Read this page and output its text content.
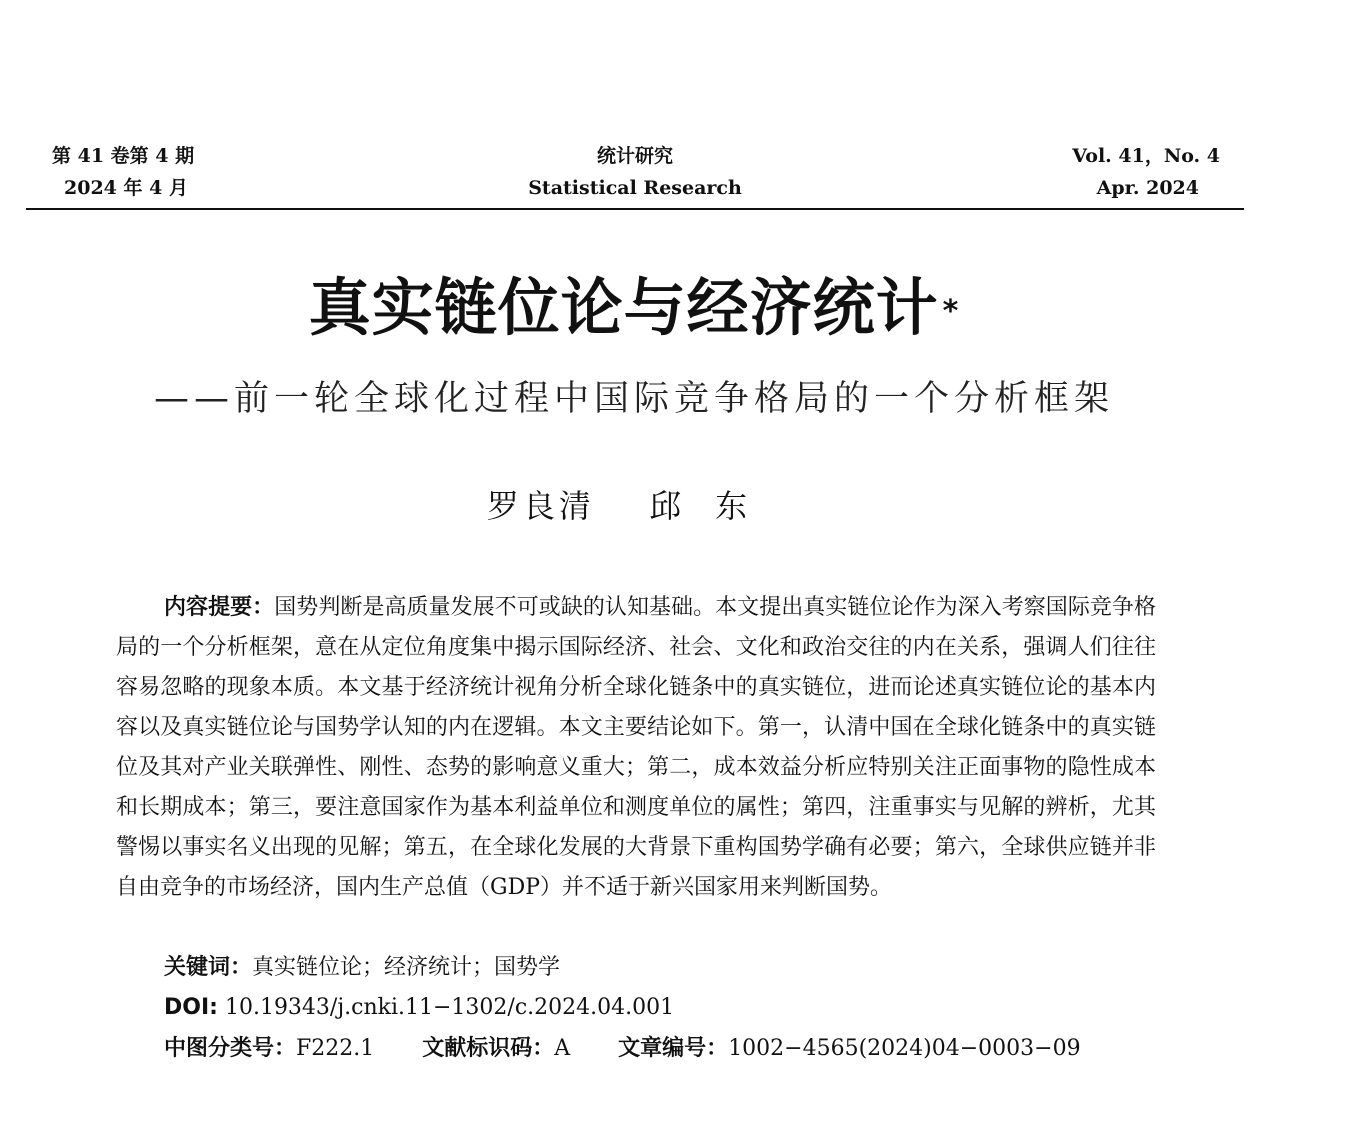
第 41 卷第 4 期
2024 年 4 月
统计研究
Statistical Research
Vol. 41，No. 4
Apr. 2024
真实链位论与经济统计 *
——前一轮全球化过程中国际竞争格局的一个分析框架
罗良清 邱东
内容提要：国势判断是高质量发展不可或缺的认知基础。本文提出真实链位论作为深入考察国际竞争格局的一个分析框架，意在从定位角度集中揭示国际经济、社会、文化和政治交往的内在关系，强调人们往往容易忽略的现象本质。本文基于经济统计视角分析全球化链条中的真实链位，进而论述真实链位论的基本内容以及真实链位论与国势学认知的内在逻辑。本文主要结论如下。第一，认清中国在全球化链条中的真实链位及其对产业关联弹性、刚性、态势的影响意义重大；第二，成本效益分析应特别关注正面事物的隐性成本和长期成本；第三，要注意国家作为基本利益单位和测度单位的属性；第四，注重事实与见解的辨析，尤其警惕以事实名义出现的见解；第五，在全球化发展的大背景下重构国势学确有必要；第六，全球供应链并非自由竞争的市场经济，国内生产总值（GDP）并不适于新兴国家用来判断国势。
关键词：真实链位论；经济统计；国势学
DOI: 10.19343/j.cnki.11−1302/c.2024.04.001
中图分类号：F222.1 文献标识码：A 文章编号：1002−4565(2024)04−0003−09
